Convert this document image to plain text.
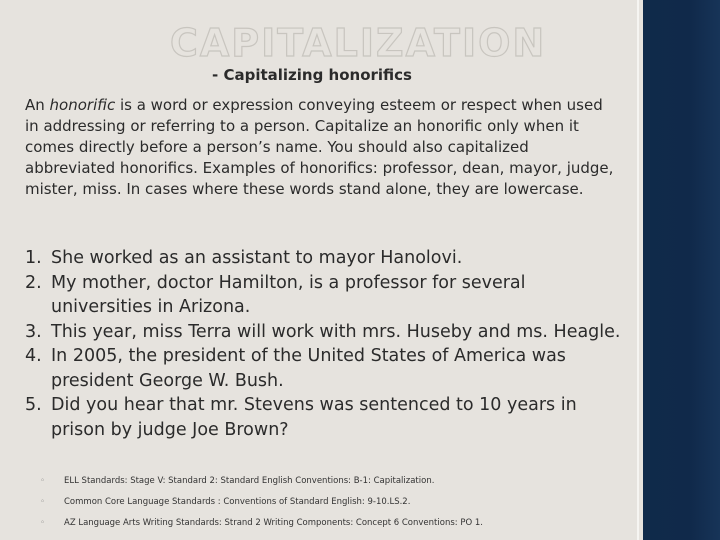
CAPITALIZATION
- Capitalizing honorifics

An honorific is a word or expression conveying esteem or respect when used in addressing or referring to a person. Capitalize an honorific only when it comes directly before a person’s name. You should also capitalized abbreviated honorifics. Examples of honorifics: professor, dean, mayor, judge, mister, miss. In cases where these words stand alone, they are lowercase.

1. She worked as an assistant to mayor Hanolovi.
2. My mother, doctor Hamilton, is a professor for several universities in Arizona.
3. This year, miss Terra will work with mrs. Huseby and ms. Heagle.
4. In 2005, the president of the United States of America was president George W. Bush.
5. Did you hear that mr. Stevens was sentenced to 10 years in prison by judge Joe Brown?
◦	ELL Standards: Stage V: Standard 2: Standard English Conventions: B-1: Capitalization.
◦	Common Core Language Standards : Conventions of Standard English: 9-10.LS.2.
◦	AZ Language Arts Writing Standards: Strand 2 Writing Components: Concept 6 Conventions: PO 1.
